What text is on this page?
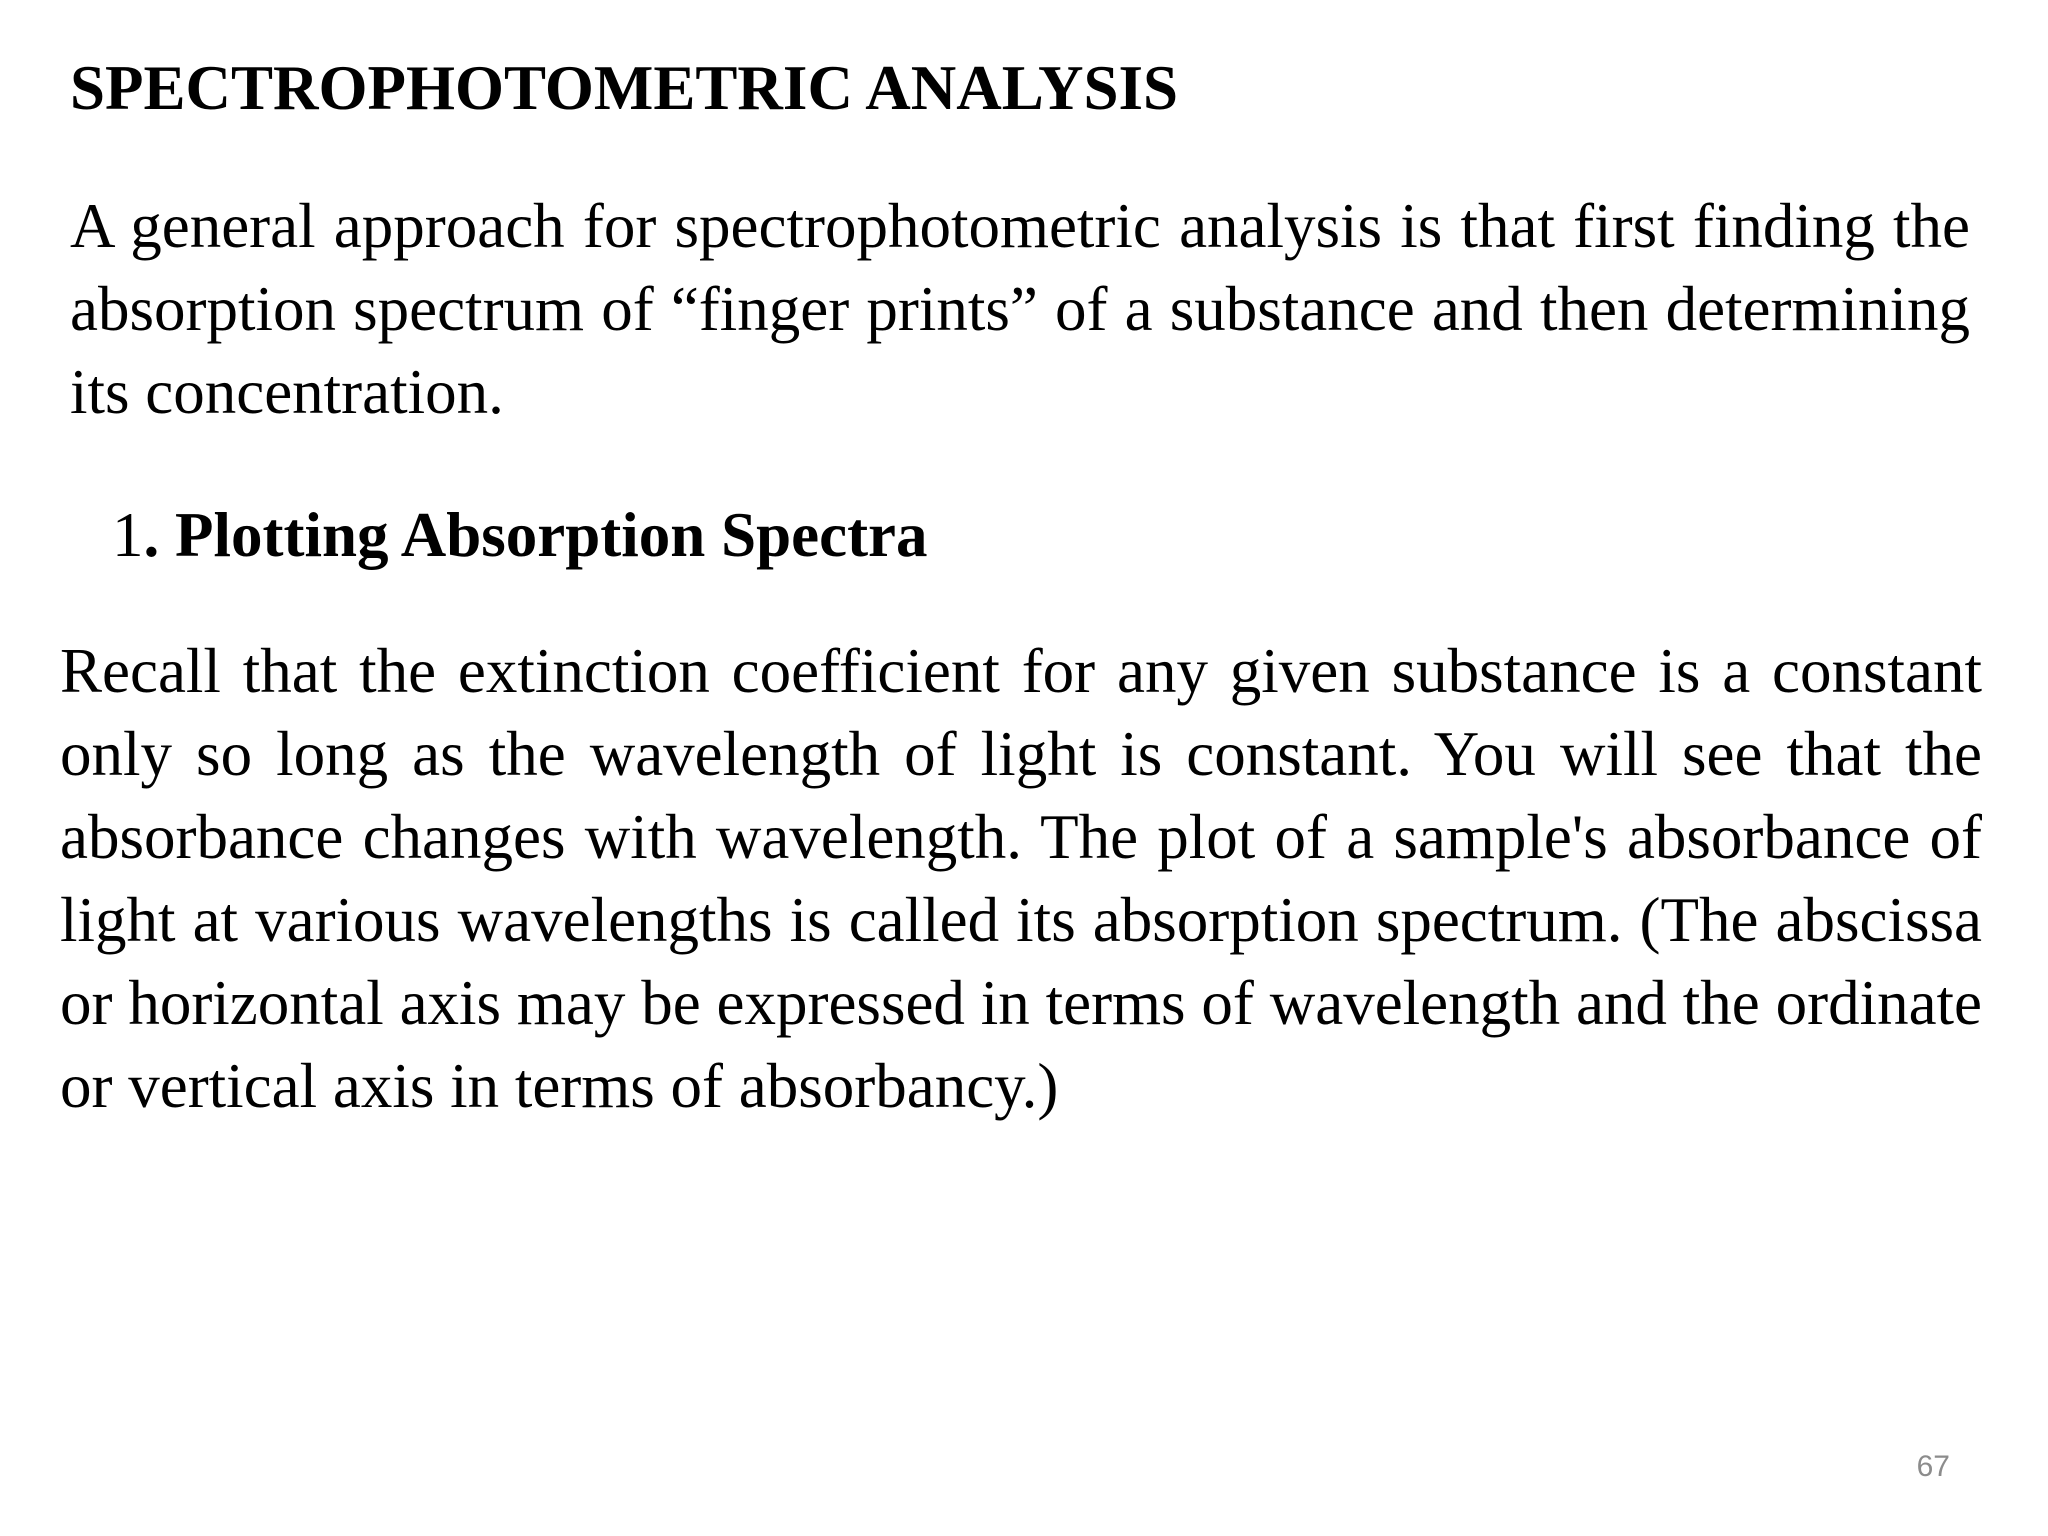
SPECTROPHOTOMETRIC ANALYSIS

A general approach for spectrophotometric analysis is that first finding the absorption spectrum of “finger prints” of a substance and then determining its concentration.

1. Plotting Absorption Spectra

Recall that the extinction coefficient for any given substance is a constant only so long as the wavelength of light is constant. You will see that the absorbance changes with wavelength. The plot of a sample's absorbance of light at various wavelengths is called its absorption spectrum. (The abscissa or horizontal axis may be expressed in terms of wavelength and the ordinate or vertical axis in terms of absorbancy.)

67
